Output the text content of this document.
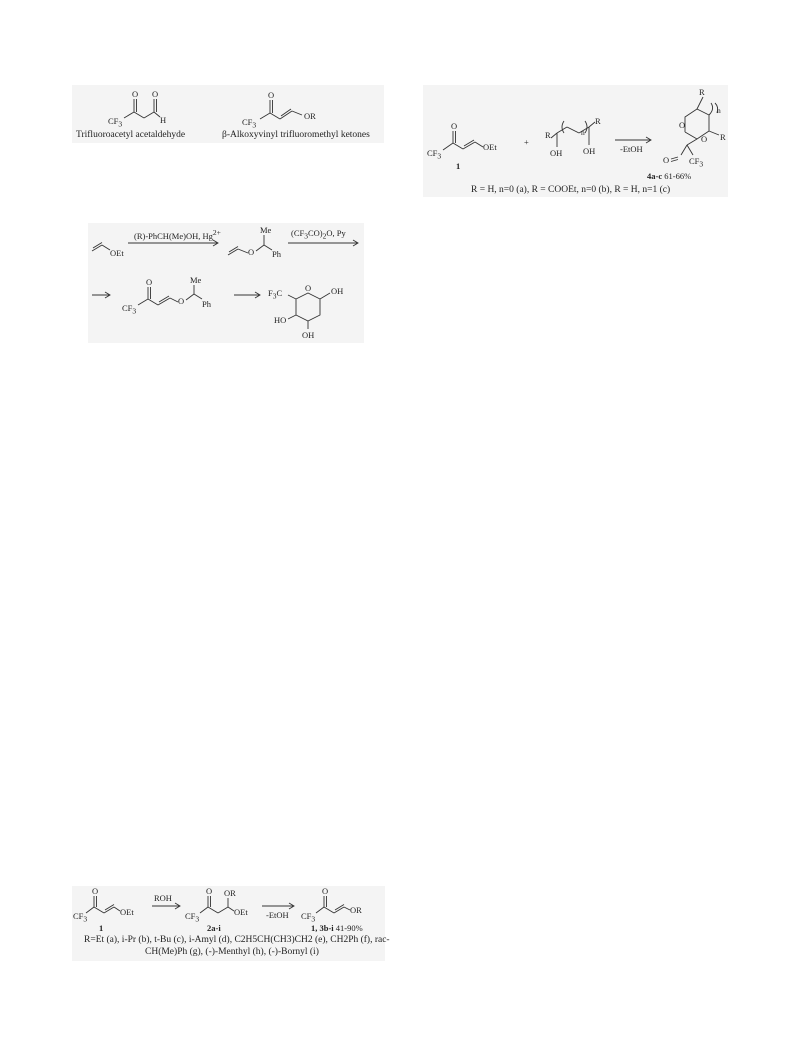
O O
$CF_3$	H
O
$CF_3$
OR
Trifluoroacetyl acetaldehyde	β-Alkoxyvinyl trifluoromethyl ketones
O
$CF_3$
OEt
1
+
R	n
R
OH OH	-EtOH
R
n
O
O R
O $CF_3$
4a-c 61-66%
R = H, n=0 (a), R = COOEt, n=0 (b), R = H, n=1 (c)
OEt
(R)-PhCH(Me)OH, $Hg^{2+}$	Me
O Ph
$(CF_3CO)_2O$, Py
O
$CF_3$
O
Me
Ph
$F_3C$	O OH
HO
OH
O
$CF_3$
OEt
1
ROH
O OR
$CF_3$
OEt
2a-i
-EtOH
O
$CF_3$
OR
1, 3b-i 41-90%
R=Et (a), i-Pr (b), t-Bu (c), i-Amyl (d), C2H5CH(CH3)CH2 (e), CH2Ph (f), rac-
CH(Me)Ph (g), (-)-Menthyl (h), (-)-Bornyl (i)
